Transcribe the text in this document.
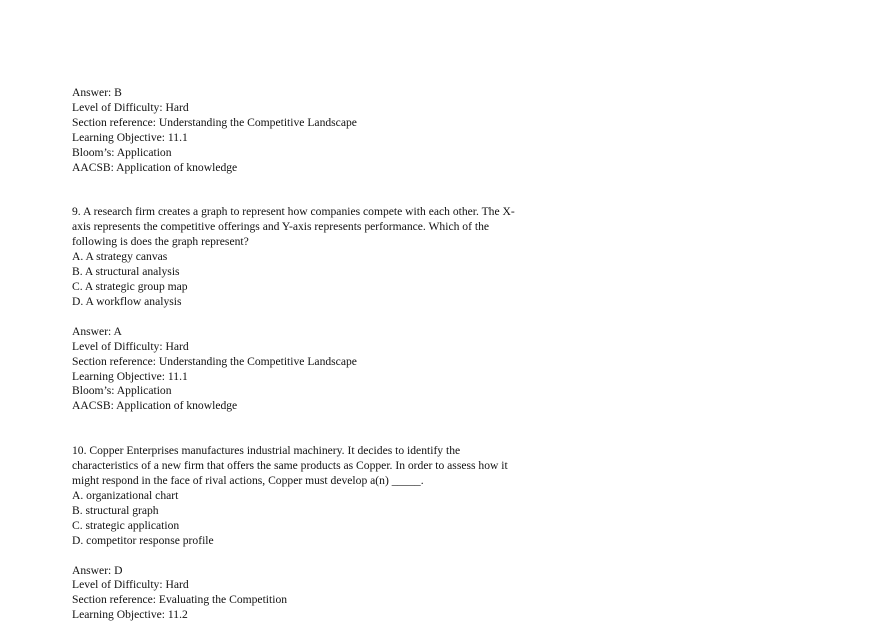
Answer: B
Level of Difficulty: Hard
Section reference: Understanding the Competitive Landscape
Learning Objective: 11.1
Bloom’s: Application
AACSB: Application of knowledge
9. A research firm creates a graph to represent how companies compete with each other. The X-
axis represents the competitive offerings and Y-axis represents performance. Which of the
following is does the graph represent?
A. A strategy canvas
B. A structural analysis
C. A strategic group map
D. A workflow analysis
Answer: A
Level of Difficulty: Hard
Section reference: Understanding the Competitive Landscape
Learning Objective: 11.1
Bloom’s: Application
AACSB: Application of knowledge
10. Copper Enterprises manufactures industrial machinery. It decides to identify the
characteristics of a new firm that offers the same products as Copper. In order to assess how it
might respond in the face of rival actions, Copper must develop a(n) _____.
A. organizational chart
B. structural graph
C. strategic application
D. competitor response profile
Answer: D
Level of Difficulty: Hard
Section reference: Evaluating the Competition
Learning Objective: 11.2
